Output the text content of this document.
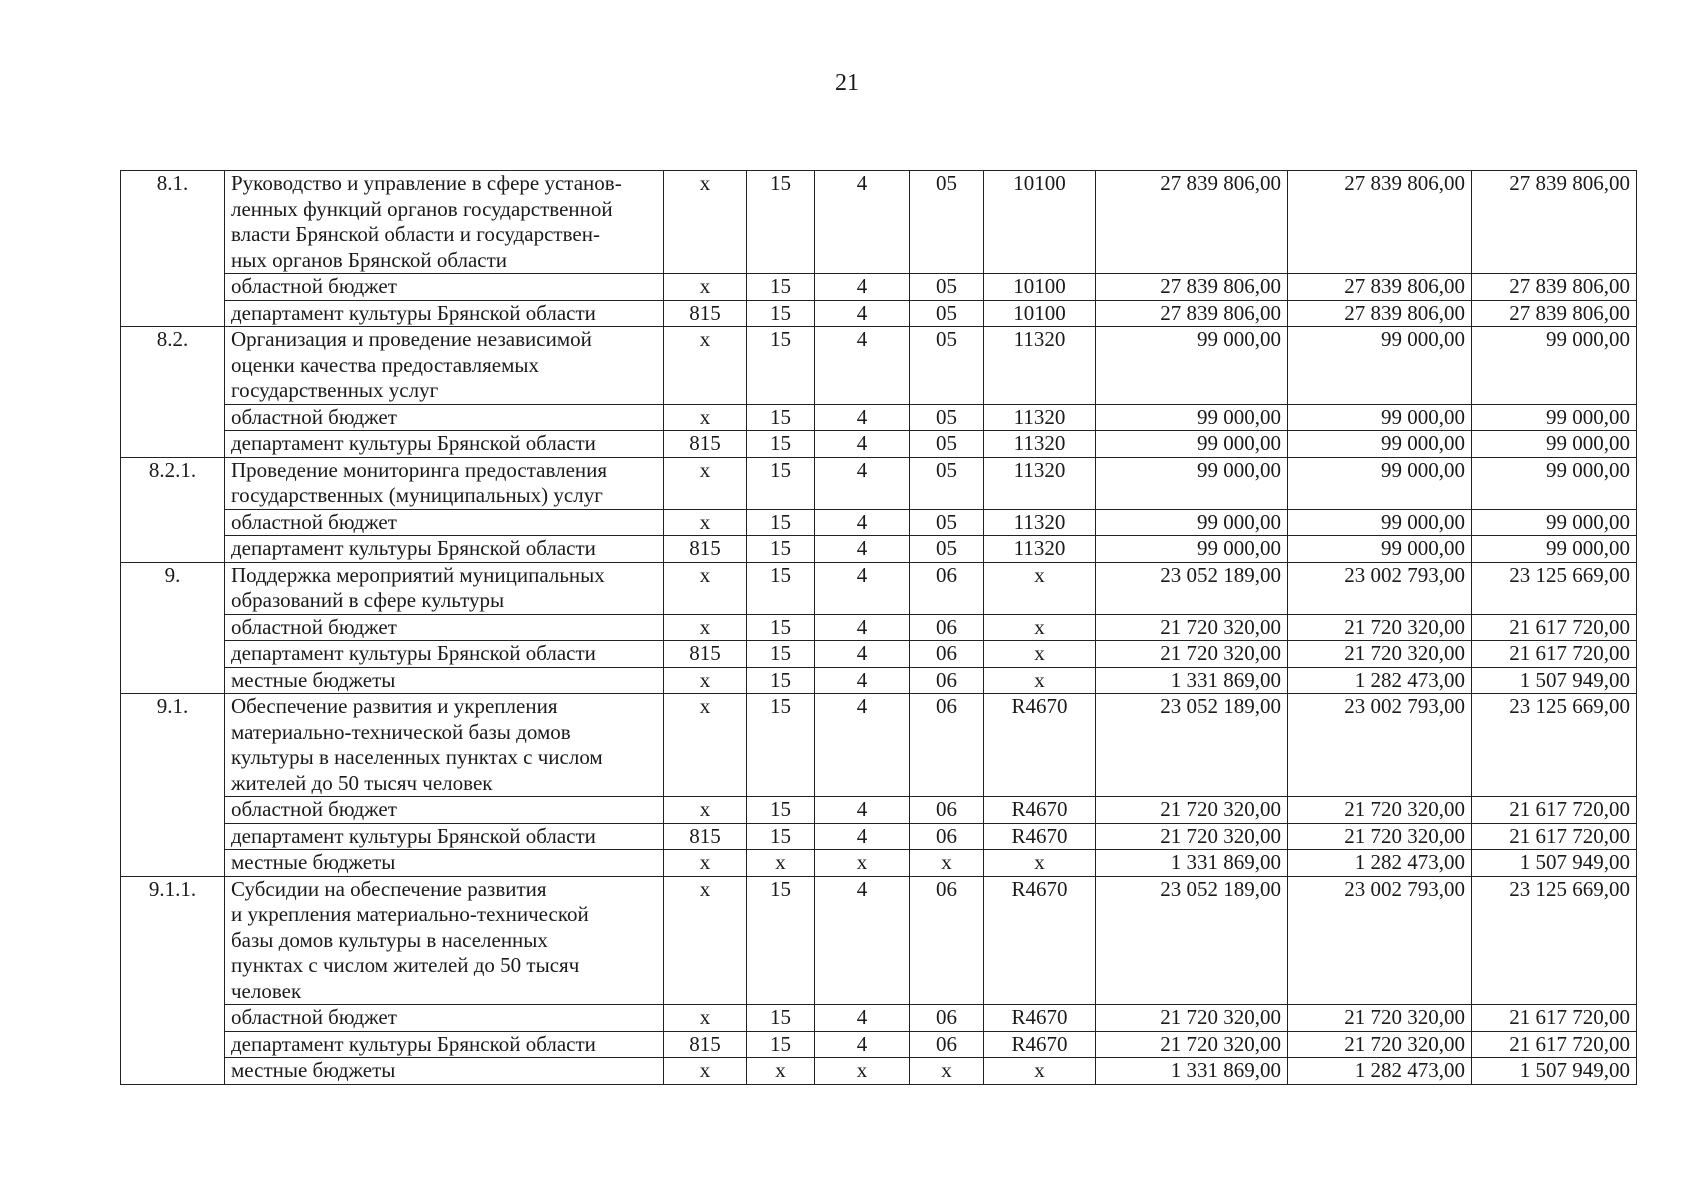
21
8.1.	Руководство и управление в сфере установ-
ленных функций органов государственной
власти Брянской области и государствен-
ных органов Брянской области	х	15	4	05	10100	27 839 806,00	27 839 806,00	27 839 806,00
	областной бюджет	х	15	4	05	10100	27 839 806,00	27 839 806,00	27 839 806,00
	департамент культуры Брянской области	815	15	4	05	10100	27 839 806,00	27 839 806,00	27 839 806,00
8.2.	Организация и проведение независимой
оценки качества предоставляемых
государственных услуг	х	15	4	05	11320	99 000,00	99 000,00	99 000,00
	областной бюджет	х	15	4	05	11320	99 000,00	99 000,00	99 000,00
	департамент культуры Брянской области	815	15	4	05	11320	99 000,00	99 000,00	99 000,00
8.2.1.	Проведение мониторинга предоставления
государственных (муниципальных) услуг	х	15	4	05	11320	99 000,00	99 000,00	99 000,00
	областной бюджет	х	15	4	05	11320	99 000,00	99 000,00	99 000,00
	департамент культуры Брянской области	815	15	4	05	11320	99 000,00	99 000,00	99 000,00
9.	Поддержка мероприятий муниципальных
образований в сфере культуры	х	15	4	06	х	23 052 189,00	23 002 793,00	23 125 669,00
	областной бюджет	х	15	4	06	х	21 720 320,00	21 720 320,00	21 617 720,00
	департамент культуры Брянской области	815	15	4	06	х	21 720 320,00	21 720 320,00	21 617 720,00
	местные бюджеты	х	15	4	06	х	1 331 869,00	1 282 473,00	1 507 949,00
9.1.	Обеспечение развития и укрепления
материально-технической базы домов
культуры в населенных пунктах с числом
жителей до 50 тысяч человек	х	15	4	06	R4670	23 052 189,00	23 002 793,00	23 125 669,00
	областной бюджет	х	15	4	06	R4670	21 720 320,00	21 720 320,00	21 617 720,00
	департамент культуры Брянской области	815	15	4	06	R4670	21 720 320,00	21 720 320,00	21 617 720,00
	местные бюджеты	х	х	х	х	х	1 331 869,00	1 282 473,00	1 507 949,00
9.1.1.	Субсидии на обеспечение развития
и укрепления материально-технической
базы домов культуры в населенных
пунктах с числом жителей до 50 тысяч
человек	х	15	4	06	R4670	23 052 189,00	23 002 793,00	23 125 669,00
	областной бюджет	х	15	4	06	R4670	21 720 320,00	21 720 320,00	21 617 720,00
	департамент культуры Брянской области	815	15	4	06	R4670	21 720 320,00	21 720 320,00	21 617 720,00
	местные бюджеты	х	х	х	х	х	1 331 869,00	1 282 473,00	1 507 949,00
